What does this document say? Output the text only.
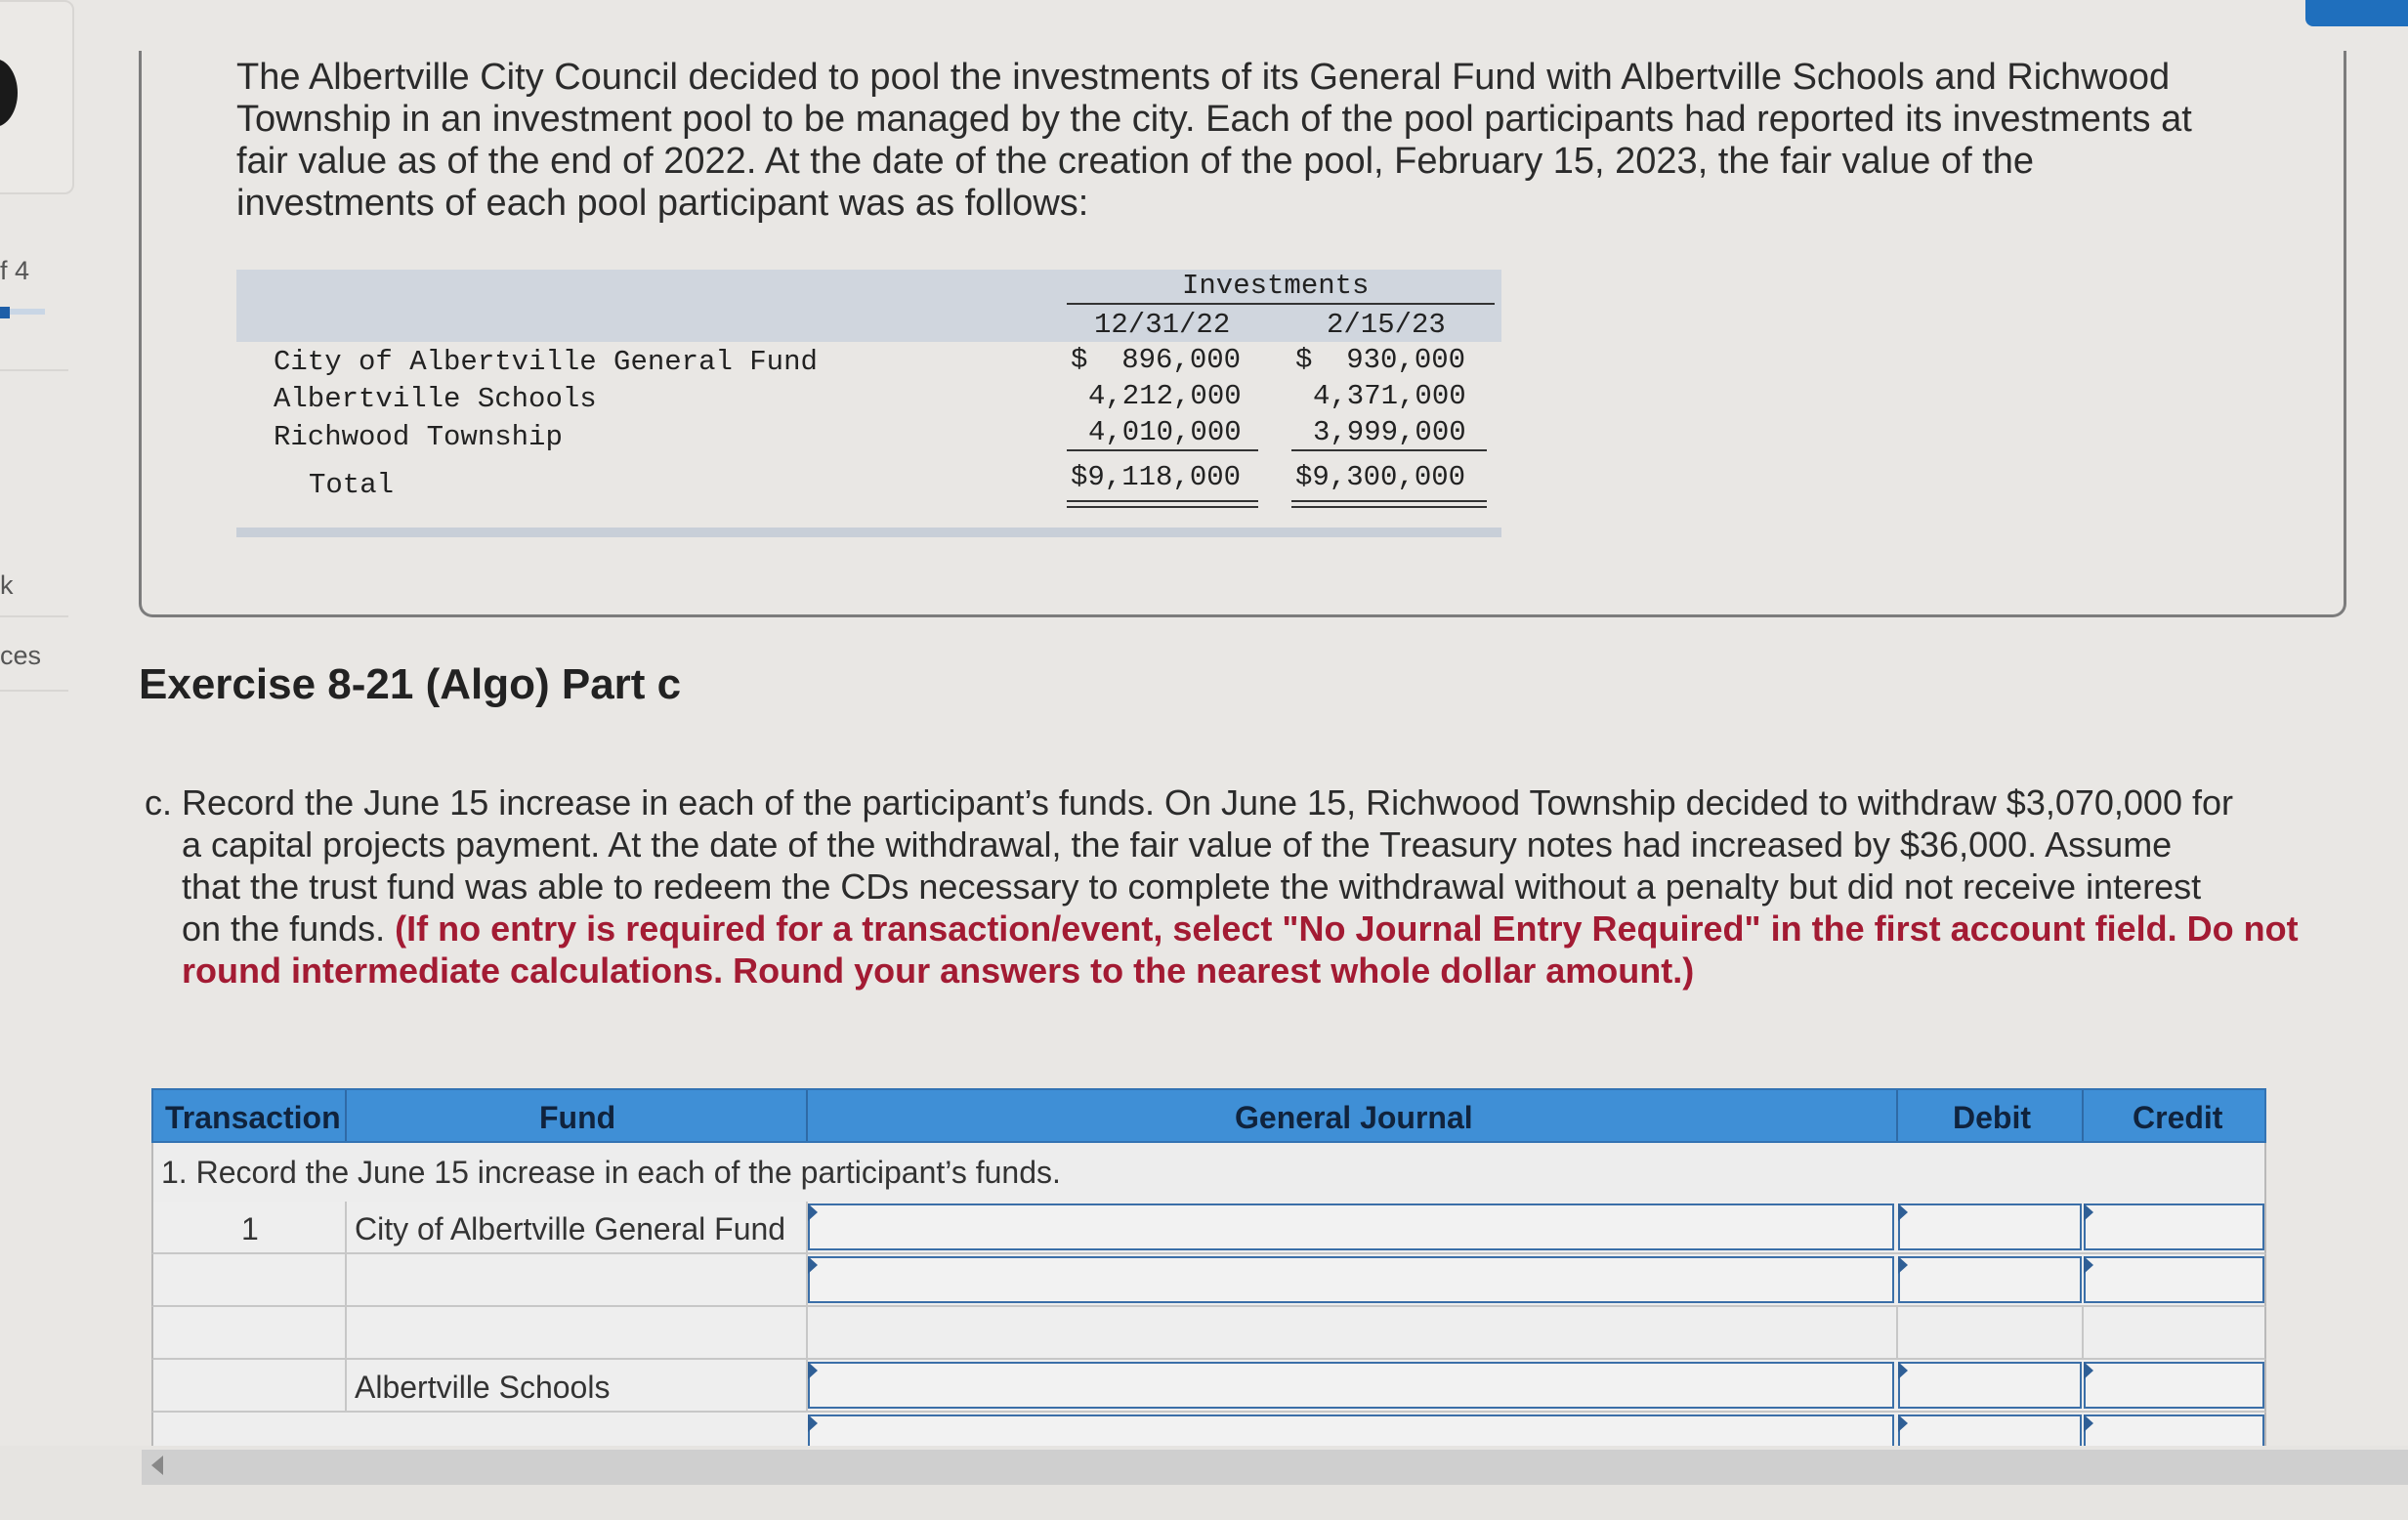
f 4
k
ces
The Albertville City Council decided to pool the investments of its General Fund with Albertville Schools and Richwood
Township in an investment pool to be managed by the city. Each of the pool participants had reported its investments at
fair value as of the end of 2022. At the date of the creation of the pool, February 15, 2023, the fair value of the
investments of each pool participant was as follows:
Investments
12/31/22	2/15/23
City of Albertville General Fund	$  896,000 $  930,000
Albertville Schools	4,212,000	4,371,000
Richwood Township	4,010,000	3,999,000
Total	$9,118,000 $9,300,000
Exercise 8-21 (Algo) Part c
c. Record the June 15 increase in each of the participant’s funds. On June 15, Richwood Township decided to withdraw $3,070,000 for
a capital projects payment. At the date of the withdrawal, the fair value of the Treasury notes had increased by $36,000. Assume
that the trust fund was able to redeem the CDs necessary to complete the withdrawal without a penalty but did not receive interest
on the funds. (If no entry is required for a transaction/event, select "No Journal Entry Required" in the first account field. Do not
round intermediate calculations. Round your answers to the nearest whole dollar amount.)
Transaction	Fund	General Journal	Debit	Credit
1. Record the June 15 increase in each of the participant’s funds.
1	City of Albertville General Fund
Albertville Schools
